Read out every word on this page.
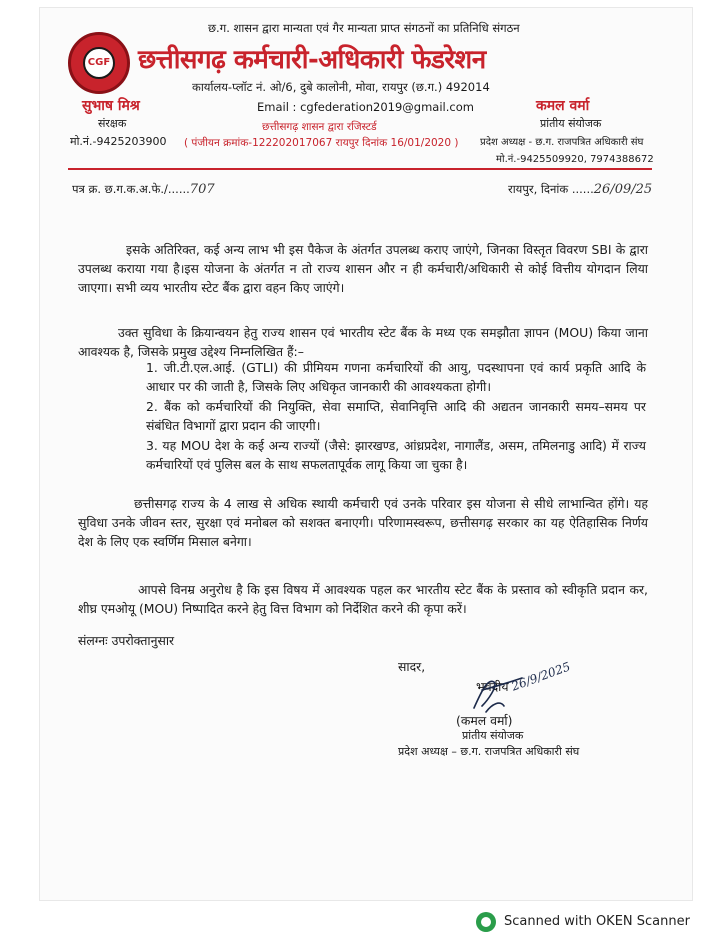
CGF
छ.ग. शासन द्वारा मान्यता एवं गैर मान्यता प्राप्त संगठनों का प्रतिनिधि संगठन
छत्तीसगढ़ कर्मचारी-अधिकारी फेडरेशन
कार्यालय-प्लॉट नं. ओ/6, दुबे कालोनी, मोवा, रायपुर (छ.ग.) 492014
सुभाष मिश्र
संरक्षक
मो.नं.-9425203900
Email : cgfederation2019@gmail.com
छत्तीसगढ़ शासन द्वारा रजिस्टर्ड
( पंजीयन क्रमांक-122202017067 रायपुर दिनांक 16/01/2020 )
कमल वर्मा
प्रांतीय संयोजक
प्रदेश अध्यक्ष - छ.ग. राजपत्रित अधिकारी संघ
मो.नं.-9425509920, 7974388672
पत्र क्र. छ.ग.क.अ.फे./......707	रायपुर, दिनांक ......26/09/25
इसके अतिरिक्त, कई अन्य लाभ भी इस पैकेज के अंतर्गत उपलब्ध कराए जाएंगे, जिनका विस्तृत विवरण SBI के द्वारा उपलब्ध कराया गया है।इस योजना के अंतर्गत न तो राज्य शासन और न ही कर्मचारी/अधिकारी से कोई वित्तीय योगदान लिया जाएगा। सभी व्यय भारतीय स्टेट बैंक द्वारा वहन किए जाएंगे।
उक्त सुविधा के क्रियान्वयन हेतु राज्य शासन एवं भारतीय स्टेट बैंक के मध्य एक समझौता ज्ञापन (MOU) किया जाना आवश्यक है, जिसके प्रमुख उद्देश्य निम्नलिखित हैं:–
1. जी.टी.एल.आई. (GTLI) की प्रीमियम गणना कर्मचारियों की आयु, पदस्थापना एवं कार्य प्रकृति आदि के आधार पर की जाती है, जिसके लिए अधिकृत जानकारी की आवश्यकता होगी।
2. बैंक को कर्मचारियों की नियुक्ति, सेवा समाप्ति, सेवानिवृत्ति आदि की अद्यतन जानकारी समय–समय पर संबंधित विभागों द्वारा प्रदान की जाएगी।
3. यह MOU देश के कई अन्य राज्यों (जैसे: झारखण्ड, आंध्रप्रदेश, नागालैंड, असम, तमिलनाडु आदि) में राज्य कर्मचारियों एवं पुलिस बल के साथ सफलतापूर्वक लागू किया जा चुका है।
छत्तीसगढ़ राज्य के 4 लाख से अधिक स्थायी कर्मचारी एवं उनके परिवार इस योजना से सीधे लाभान्वित होंगे। यह सुविधा उनके जीवन स्तर, सुरक्षा एवं मनोबल को सशक्त बनाएगी। परिणामस्वरूप, छत्तीसगढ़ सरकार का यह ऐतिहासिक निर्णय देश के लिए एक स्वर्णिम मिसाल बनेगा।
आपसे विनम्र अनुरोध है कि इस विषय में आवश्यक पहल कर भारतीय स्टेट बैंक के प्रस्ताव को स्वीकृति प्रदान कर, शीघ्र एमओयू (MOU) निष्पादित करने हेतु वित्त विभाग को निर्देशित करने की कृपा करें।
संलग्नः उपरोक्तानुसार
सादर,
भवदीय 26/9/2025
(कमल वर्मा)
प्रांतीय संयोजक
प्रदेश अध्यक्ष – छ.ग. राजपत्रित अधिकारी संघ
Scanned with OKEN Scanner
